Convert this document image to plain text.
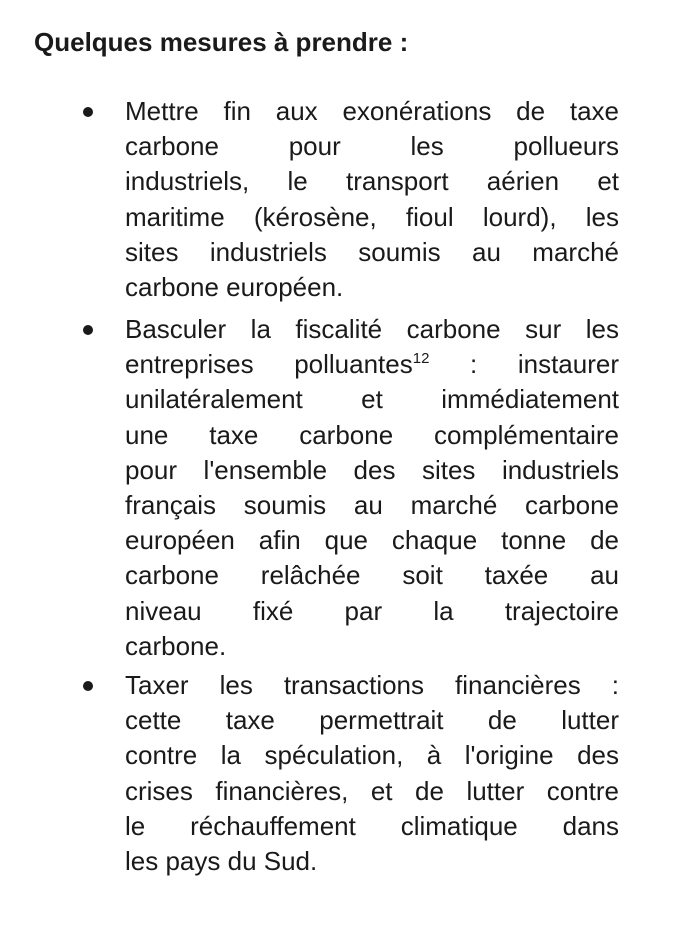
Quelques mesures à prendre :
Mettre fin aux exonérations de taxe
carbone pour les pollueurs
industriels, le transport aérien et
maritime (kérosène, fioul lourd), les
sites industriels soumis au marché
carbone européen.
Basculer la fiscalité carbone sur les
entreprises polluantes$^{12}$ : instaurer
unilatéralement et immédiatement
une taxe carbone complémentaire
pour l'ensemble des sites industriels
français soumis au marché carbone
européen afin que chaque tonne de
carbone relâchée soit taxée au
niveau fixé par la trajectoire
carbone.
Taxer les transactions financières :
cette taxe permettrait de lutter
contre la spéculation, à l'origine des
crises financières, et de lutter contre
le réchauffement climatique dans
les pays du Sud.
